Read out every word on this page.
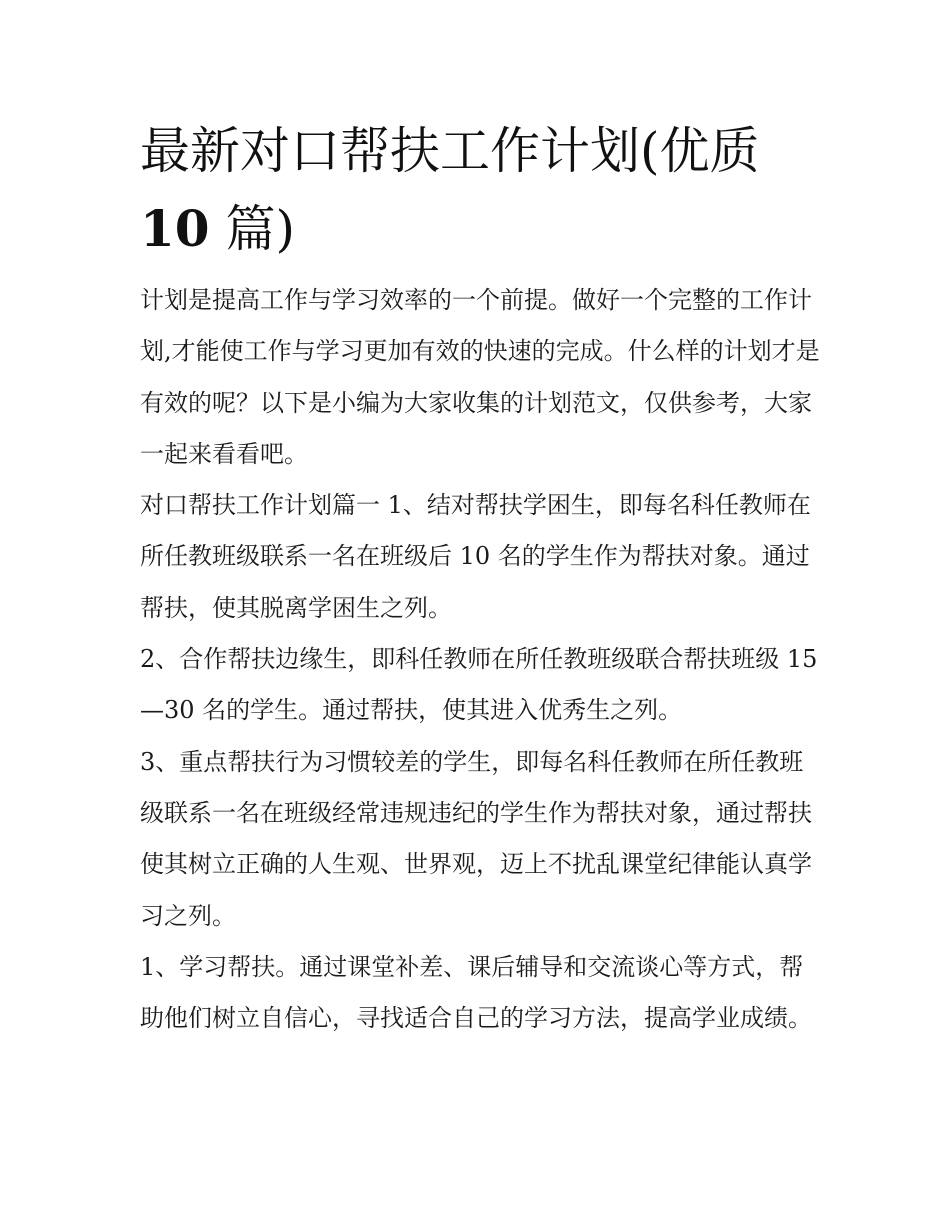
最新对口帮扶工作计划(优质
10 篇)

计划是提高工作与学习效率的一个前提。做好一个完整的工作计划,才能使工作与学习更加有效的快速的完成。什么样的计划才是有效的呢？以下是小编为大家收集的计划范文，仅供参考，大家一起来看看吧。

对口帮扶工作计划篇一 1、结对帮扶学困生，即每名科任教师在所任教班级联系一名在班级后 10 名的学生作为帮扶对象。通过帮扶，使其脱离学困生之列。

2、合作帮扶边缘生，即科任教师在所任教班级联合帮扶班级 15—30 名的学生。通过帮扶，使其进入优秀生之列。

3、重点帮扶行为习惯较差的学生，即每名科任教师在所任教班级联系一名在班级经常违规违纪的学生作为帮扶对象，通过帮扶使其树立正确的人生观、世界观，迈上不扰乱课堂纪律能认真学习之列。

1、学习帮扶。通过课堂补差、课后辅导和交流谈心等方式，帮助他们树立自信心，寻找适合自己的学习方法，提高学业成绩。
